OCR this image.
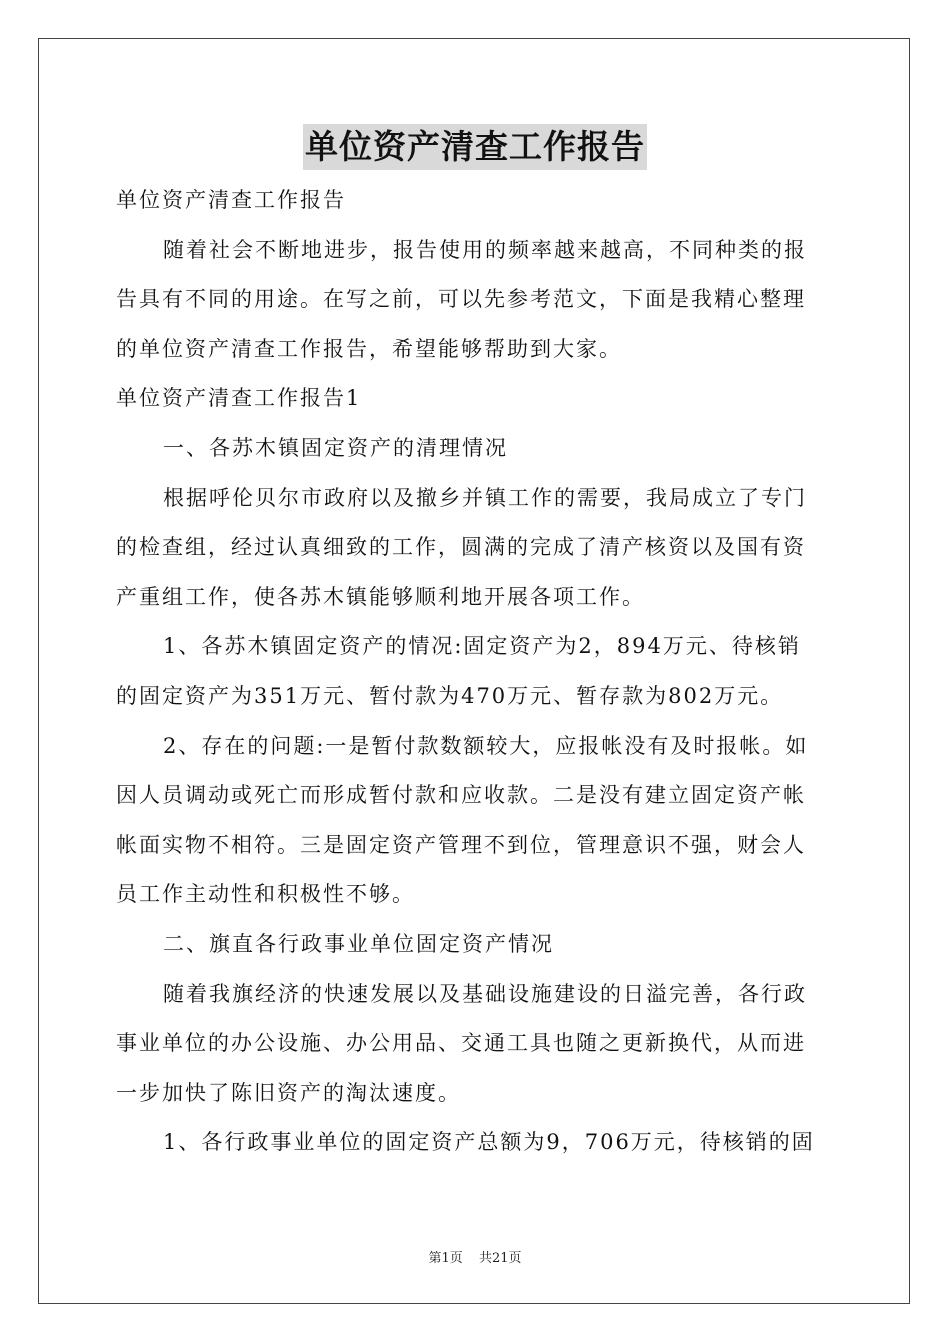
单位资产清查工作报告
单位资产清查工作报告
随着社会不断地进步，报告使用的频率越来越高，不同种类的报
告具有不同的用途。在写之前，可以先参考范文，下面是我精心整理
的单位资产清查工作报告，希望能够帮助到大家。
单位资产清查工作报告1
一、各苏木镇固定资产的清理情况
根据呼伦贝尔市政府以及撤乡并镇工作的需要，我局成立了专门
的检查组，经过认真细致的工作，圆满的完成了清产核资以及国有资
产重组工作，使各苏木镇能够顺利地开展各项工作。
1、各苏木镇固定资产的情况:固定资产为2，894万元、待核销
的固定资产为351万元、暂付款为470万元、暂存款为802万元。
2、存在的问题:一是暂付款数额较大，应报帐没有及时报帐。如
因人员调动或死亡而形成暂付款和应收款。二是没有建立固定资产帐
帐面实物不相符。三是固定资产管理不到位，管理意识不强，财会人
员工作主动性和积极性不够。
二、旗直各行政事业单位固定资产情况
随着我旗经济的快速发展以及基础设施建设的日溢完善，各行政
事业单位的办公设施、办公用品、交通工具也随之更新换代，从而进
一步加快了陈旧资产的淘汰速度。
1、各行政事业单位的固定资产总额为9，706万元，待核销的固
第1页 共21页
